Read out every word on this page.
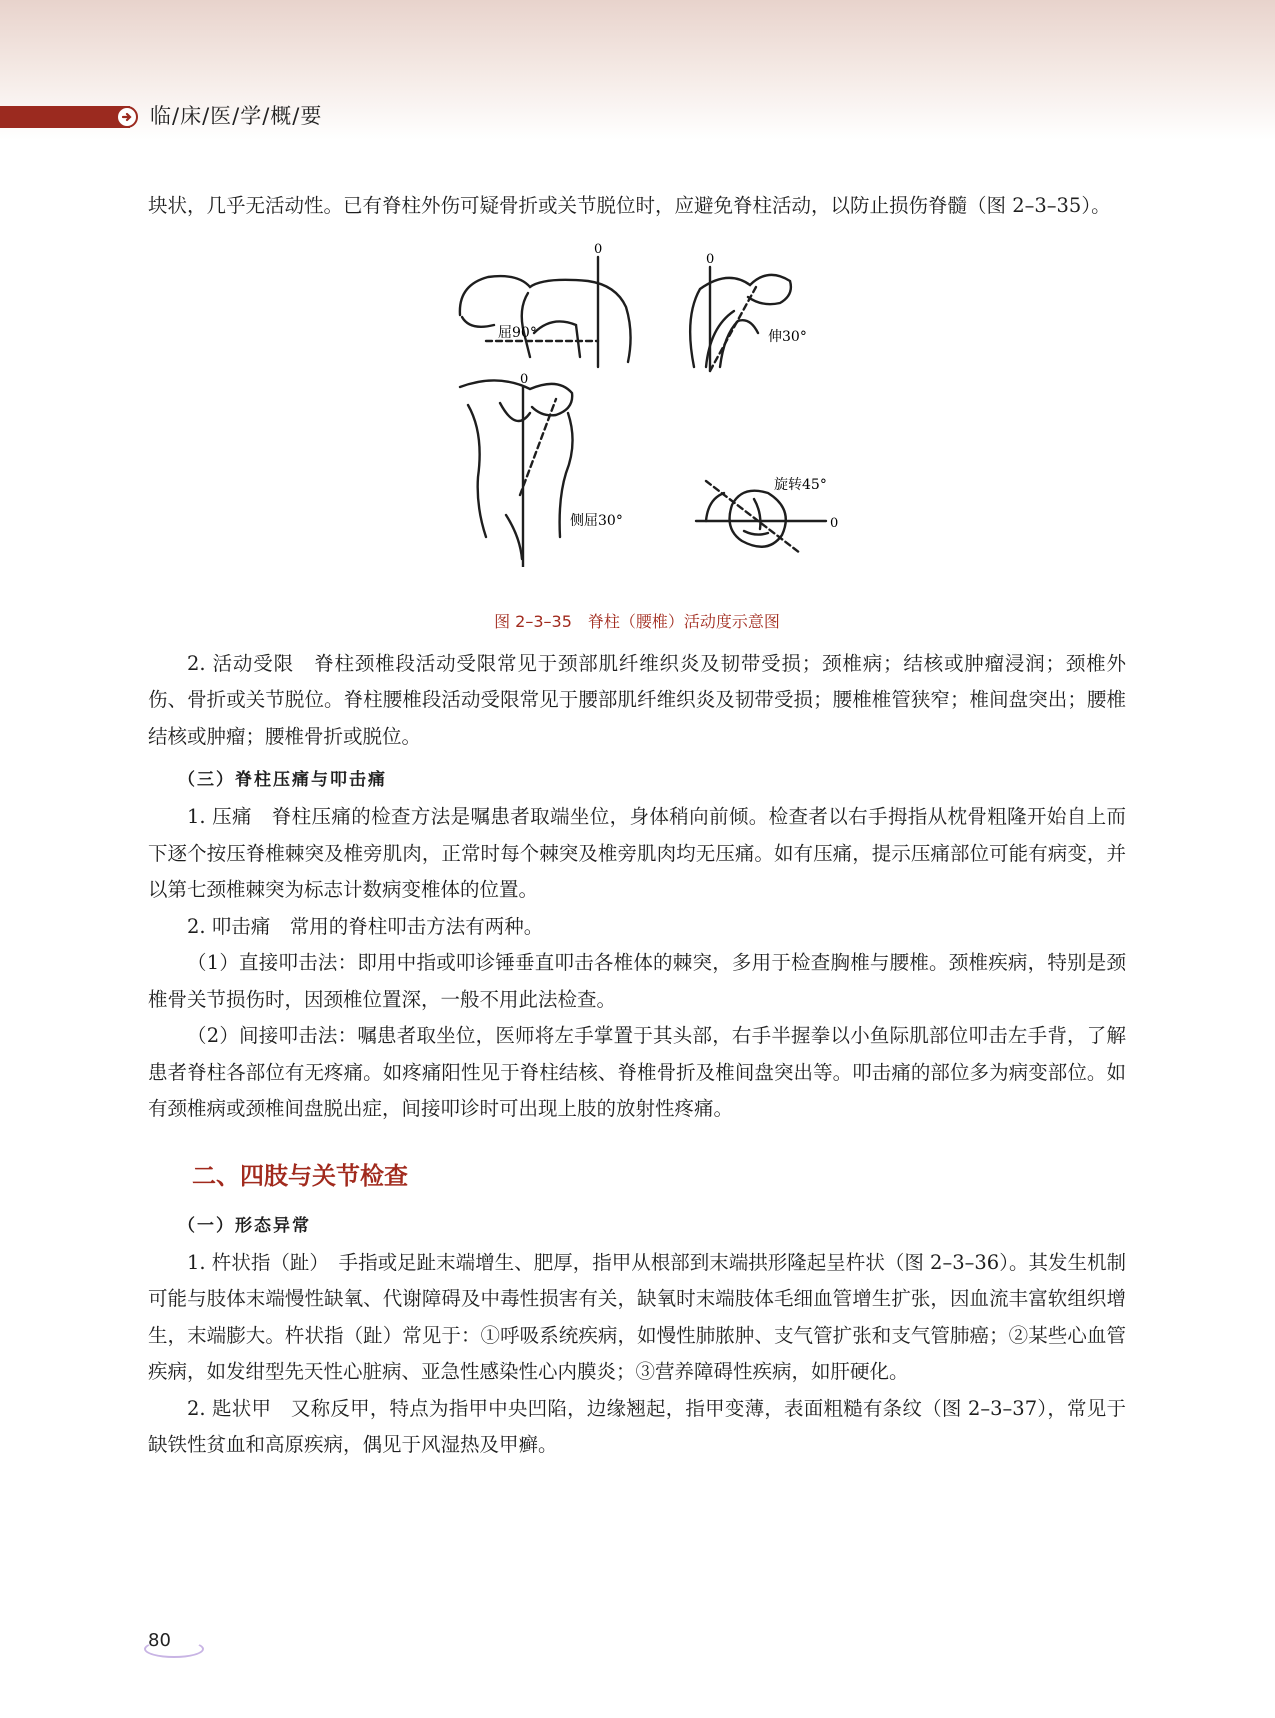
临/床/医/学/概/要

块状，几乎无活动性。已有脊柱外伤可疑骨折或关节脱位时，应避免脊柱活动，以防止损伤脊髓（图 2–3–35）。

0
屈90°
0
伸30°
0
侧屈30°
旋转45°
0
图 2–3–35　脊柱（腰椎）活动度示意图

2. 活动受限　脊柱颈椎段活动受限常见于颈部肌纤维织炎及韧带受损；颈椎病；结核或肿瘤浸润；颈椎外伤、骨折或关节脱位。脊柱腰椎段活动受限常见于腰部肌纤维织炎及韧带受损；腰椎椎管狭窄；椎间盘突出；腰椎结核或肿瘤；腰椎骨折或脱位。

（三）脊柱压痛与叩击痛

1. 压痛　脊柱压痛的检查方法是嘱患者取端坐位，身体稍向前倾。检查者以右手拇指从枕骨粗隆开始自上而下逐个按压脊椎棘突及椎旁肌肉，正常时每个棘突及椎旁肌肉均无压痛。如有压痛，提示压痛部位可能有病变，并以第七颈椎棘突为标志计数病变椎体的位置。

2. 叩击痛　常用的脊柱叩击方法有两种。

（1）直接叩击法：即用中指或叩诊锤垂直叩击各椎体的棘突，多用于检查胸椎与腰椎。颈椎疾病，特别是颈椎骨关节损伤时，因颈椎位置深，一般不用此法检查。

（2）间接叩击法：嘱患者取坐位，医师将左手掌置于其头部，右手半握拳以小鱼际肌部位叩击左手背，了解患者脊柱各部位有无疼痛。如疼痛阳性见于脊柱结核、脊椎骨折及椎间盘突出等。叩击痛的部位多为病变部位。如有颈椎病或颈椎间盘脱出症，间接叩诊时可出现上肢的放射性疼痛。

二、四肢与关节检查
（一）形态异常

1. 杵状指（趾）　手指或足趾末端增生、肥厚，指甲从根部到末端拱形隆起呈杵状（图 2–3–36）。其发生机制可能与肢体末端慢性缺氧、代谢障碍及中毒性损害有关，缺氧时末端肢体毛细血管增生扩张，因血流丰富软组织增生，末端膨大。杵状指（趾）常见于：①呼吸系统疾病，如慢性肺脓肿、支气管扩张和支气管肺癌；②某些心血管疾病，如发绀型先天性心脏病、亚急性感染性心内膜炎；③营养障碍性疾病，如肝硬化。

2. 匙状甲　又称反甲，特点为指甲中央凹陷，边缘翘起，指甲变薄，表面粗糙有条纹（图 2–3–37），常见于缺铁性贫血和高原疾病，偶见于风湿热及甲癣。

80
